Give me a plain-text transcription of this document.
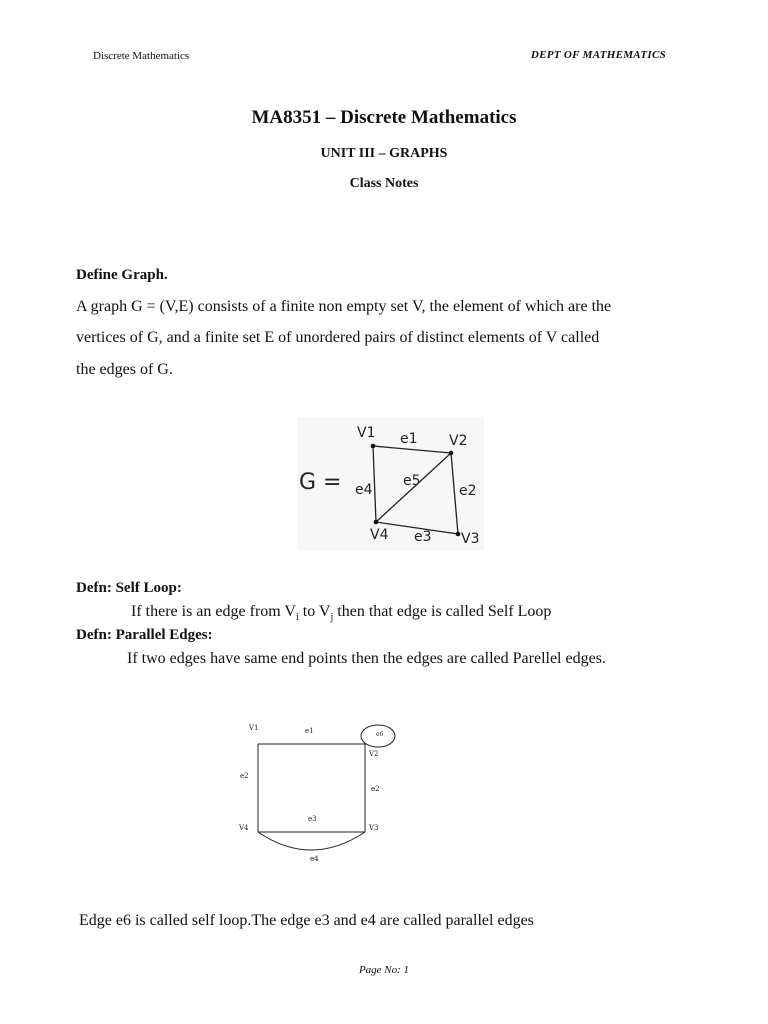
Discrete Mathematics	DEPT OF MATHEMATICS
MA8351 – Discrete Mathematics
UNIT III – GRAPHS
Class Notes
Define Graph.
A graph G = (V,E) consists of a finite non empty set V, the element of which are the
vertices of G, and a finite set E of unordered pairs of distinct elements of V called
the edges of G.
G =
V1	V2
V3
V4
e1
e2
e3
e4
e5
Defn: Self Loop:
If there is an edge from $V_i$ to $V_j$ then that edge is called Self Loop
Defn: Parallel Edges:
If two edges have same end points then the edges are called Parellel edges.
V1
V2
V3
V4
e1	e6
e2
e2
e3
e4
Edge e6 is called self loop.The edge e3 and e4 are called parallel edges
Page No: 1
